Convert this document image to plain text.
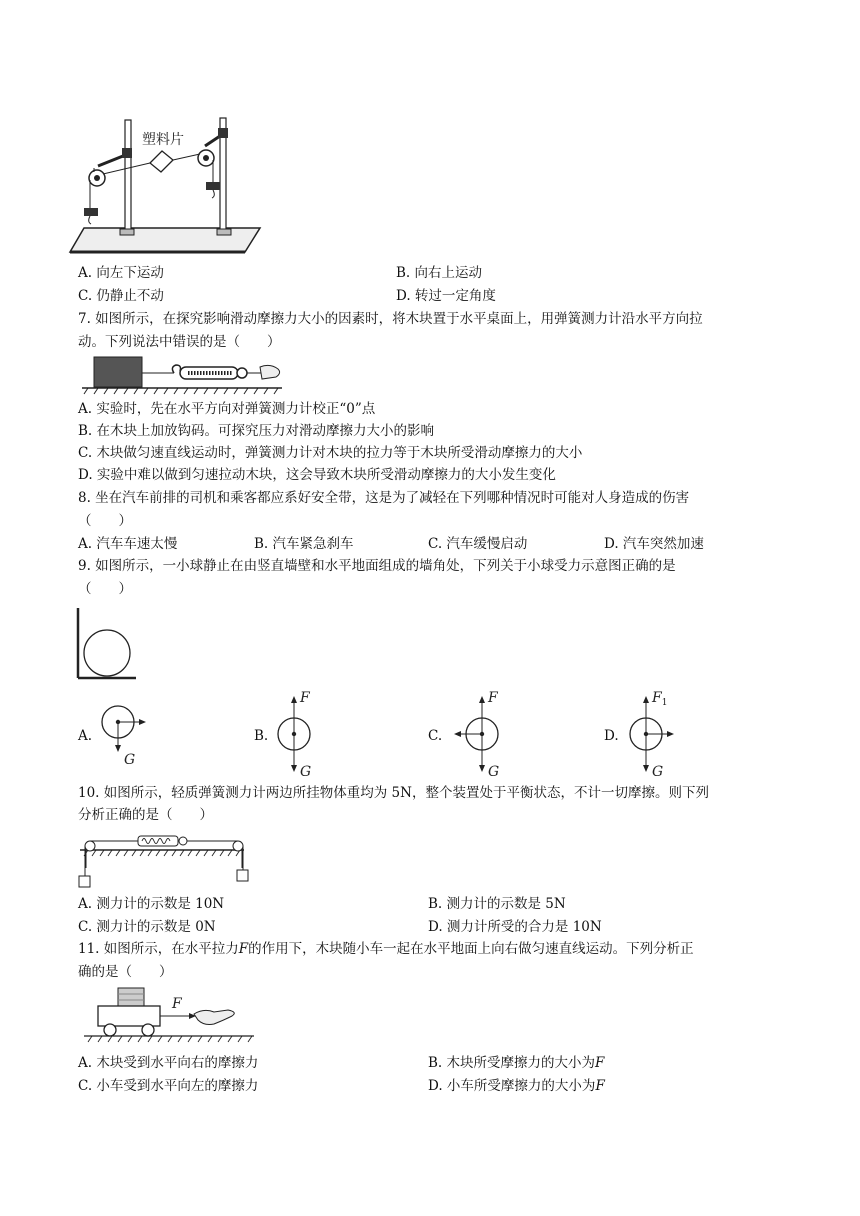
塑料片
A. 向左下运动	B. 向右上运动
C. 仍静止不动	D. 转过一定角度
7. 如图所示，在探究影响滑动摩擦力大小的因素时，将木块置于水平桌面上，用弹簧测力计沿水平方向拉
动。下列说法中错误的是（　　）
A. 实验时，先在水平方向对弹簧测力计校正“0”点
B. 在木块上加放钩码。可探究压力对滑动摩擦力大小的影响
C. 木块做匀速直线运动时，弹簧测力计对木块的拉力等于木块所受滑动摩擦力的大小
D. 实验中难以做到匀速拉动木块，这会导致木块所受滑动摩擦力的大小发生变化
8. 坐在汽车前排的司机和乘客都应系好安全带，这是为了减轻在下列哪种情况时可能对人身造成的伤害
（　　）
A. 汽车车速太慢	B. 汽车紧急刹车	C. 汽车缓慢启动	D. 汽车突然加速
9. 如图所示，一小球静止在由竖直墙壁和水平地面组成的墙角处，下列关于小球受力示意图正确的是
（　　）
A.
G
B.
F
G
C.
F
G
D.
$F_1$
G
10. 如图所示，轻质弹簧测力计两边所挂物体重均为 5N，整个装置处于平衡状态，不计一切摩擦。则下列
分析正确的是（　　）
A. 测力计的示数是 10N	B. 测力计的示数是 5N
C. 测力计的示数是 0N	D. 测力计所受的合力是 10N
11. 如图所示，在水平拉力F的作用下，木块随小车一起在水平地面上向右做匀速直线运动。下列分析正
确的是（　　）
F
A. 木块受到水平向右的摩擦力	B. 木块所受摩擦力的大小为F
C. 小车受到水平向左的摩擦力	D. 小车所受摩擦力的大小为F
